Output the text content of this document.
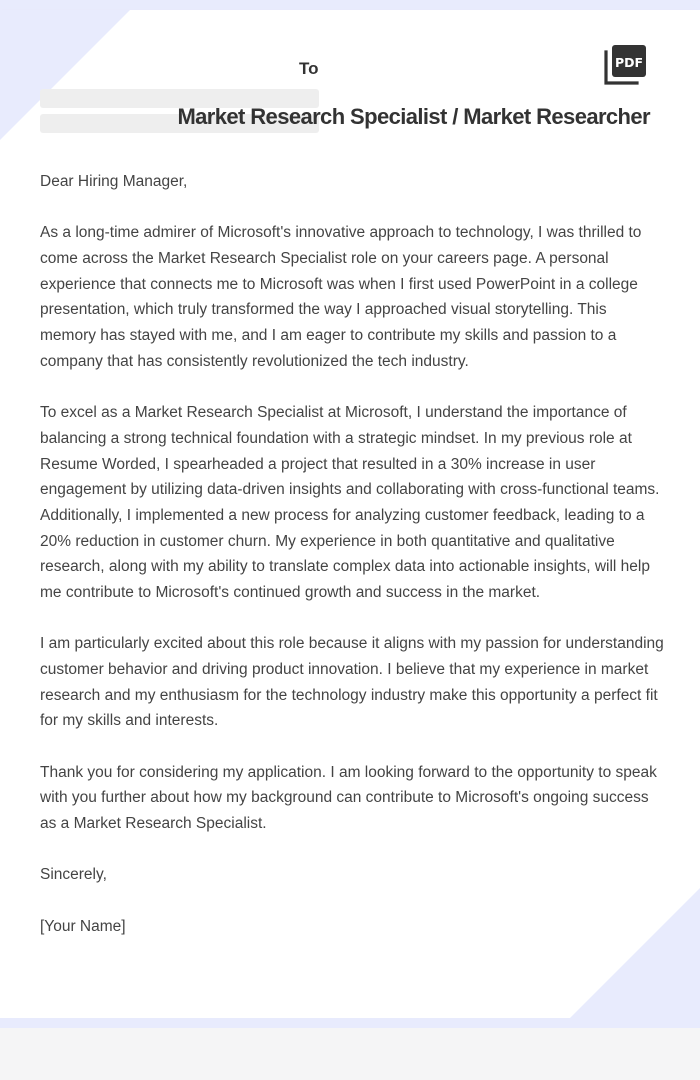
To
Market Research Specialist / Market Researcher
PDF

Dear Hiring Manager,

As a long-time admirer of Microsoft's innovative approach to technology, I was thrilled to come across the Market Research Specialist role on your careers page. A personal experience that connects me to Microsoft was when I first used PowerPoint in a college presentation, which truly transformed the way I approached visual storytelling. This memory has stayed with me, and I am eager to contribute my skills and passion to a company that has consistently revolutionized the tech industry.

To excel as a Market Research Specialist at Microsoft, I understand the importance of balancing a strong technical foundation with a strategic mindset. In my previous role at Resume Worded, I spearheaded a project that resulted in a 30% increase in user engagement by utilizing data-driven insights and collaborating with cross-functional teams. Additionally, I implemented a new process for analyzing customer feedback, leading to a 20% reduction in customer churn. My experience in both quantitative and qualitative research, along with my ability to translate complex data into actionable insights, will help me contribute to Microsoft's continued growth and success in the market.

I am particularly excited about this role because it aligns with my passion for understanding customer behavior and driving product innovation. I believe that my experience in market research and my enthusiasm for the technology industry make this opportunity a perfect fit for my skills and interests.

Thank you for considering my application. I am looking forward to the opportunity to speak with you further about how my background can contribute to Microsoft's ongoing success as a Market Research Specialist.

Sincerely,

[Your Name]
